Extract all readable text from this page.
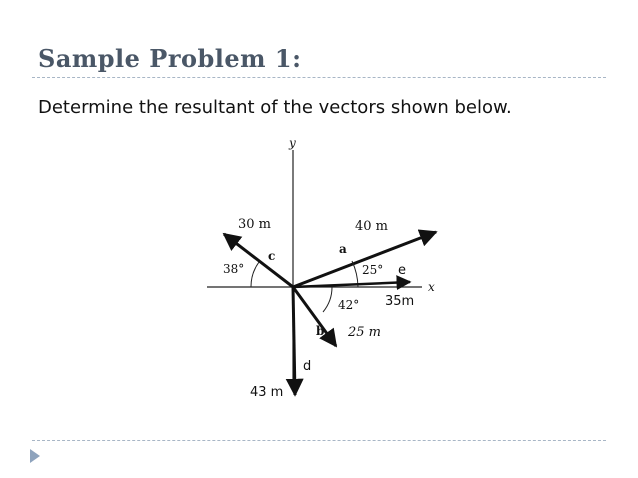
Sample Problem 1:
Determine the resultant of the vectors shown below.
y
x
a
40 m
25° e
35m
b 25 m
42°
c
30 m
38°
d
43 m
